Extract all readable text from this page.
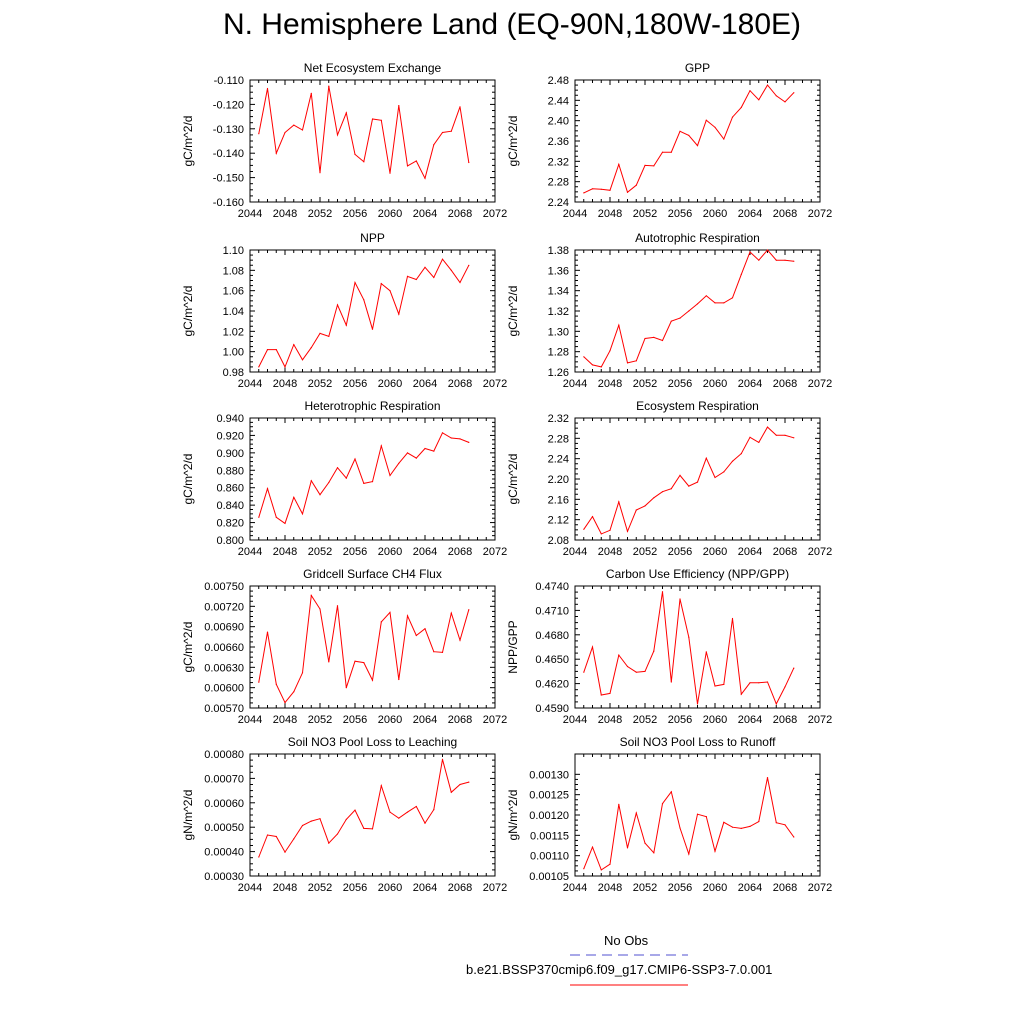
N. Hemisphere Land (EQ-90N,180W-180E)
Net Ecosystem Exchange
2044 2048 2052 2056 2060 2064 2068 2072
-0.160
-0.150
-0.140
-0.130
-0.120
-0.110
gC/m^2/d
GPP
2044 2048 2052 2056 2060 2064 2068 2072
2.24
2.28
2.32
2.36
2.40
2.44
2.48
gC/m^2/d
NPP
2044 2048 2052 2056 2060 2064 2068 2072
0.98
1.00
1.02
1.04
1.06
1.08
1.10
gC/m^2/d
Autotrophic Respiration
2044 2048 2052 2056 2060 2064 2068 2072
1.26
1.28
1.30
1.32
1.34
1.36
1.38
gC/m^2/d
Heterotrophic Respiration
2044 2048 2052 2056 2060 2064 2068 2072
0.800
0.820
0.840
0.860
0.880
0.900
0.920
0.940
gC/m^2/d
Ecosystem Respiration
2044 2048 2052 2056 2060 2064 2068 2072
2.08
2.12
2.16
2.20
2.24
2.28
2.32
gC/m^2/d
Gridcell Surface CH4 Flux
2044 2048 2052 2056 2060 2064 2068 2072
0.00570
0.00600
0.00630
0.00660
0.00690
0.00720
0.00750
gC/m^2/d
Carbon Use Efficiency (NPP/GPP)
2044 2048 2052 2056 2060 2064 2068 2072
0.4590
0.4620
0.4650
0.4680
0.4710
0.4740
NPP/GPP
Soil NO3 Pool Loss to Leaching
2044 2048 2052 2056 2060 2064 2068 2072
0.00030
0.00040
0.00050
0.00060
0.00070
0.00080
gN/m^2/d
Soil NO3 Pool Loss to Runoff
2044 2048 2052 2056 2060 2064 2068 2072
0.00105
0.00110
0.00115
0.00120
0.00125
0.00130
gN/m^2/d
No Obs
b.e21.BSSP370cmip6.f09_g17.CMIP6-SSP3-7.0.001
